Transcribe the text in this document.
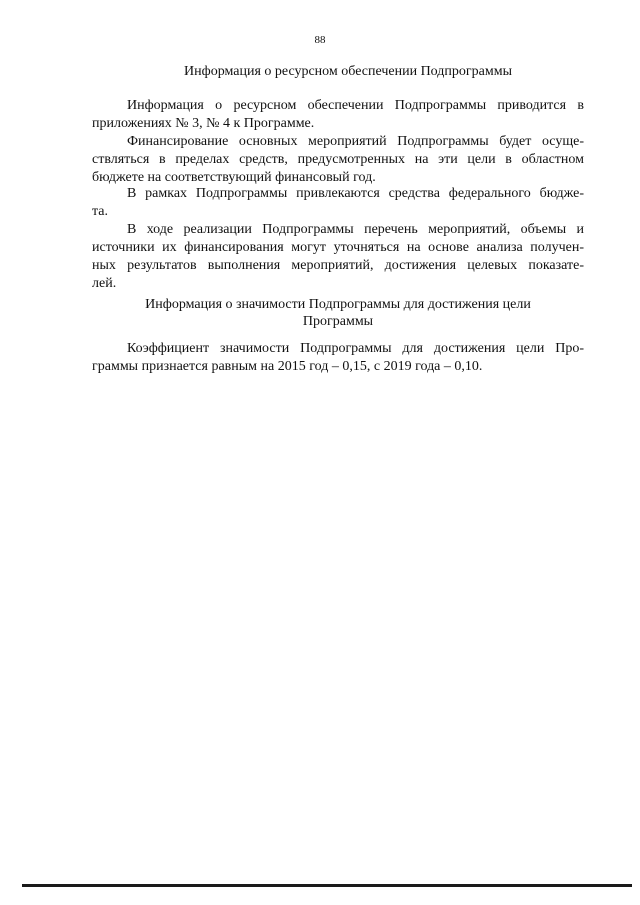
88
Информация о ресурсном обеспечении Подпрограммы
Информация о ресурсном обеспечении Подпрограммы приводится в
приложениях № 3, № 4 к Программе.
Финансирование основных мероприятий Подпрограммы будет осуще-
ствляться в пределах средств, предусмотренных на эти цели в областном
бюджете на соответствующий финансовый год.
В рамках Подпрограммы привлекаются средства федерального бюдже-
та.
В ходе реализации Подпрограммы перечень мероприятий, объемы и
источники их финансирования могут уточняться на основе анализа получен-
ных результатов выполнения мероприятий, достижения целевых показате-
лей.
Информация о значимости Подпрограммы для достижения цели
Программы
Коэффициент значимости Подпрограммы для достижения цели Про-
граммы признается равным на 2015 год – 0,15, с 2019 года – 0,10.
